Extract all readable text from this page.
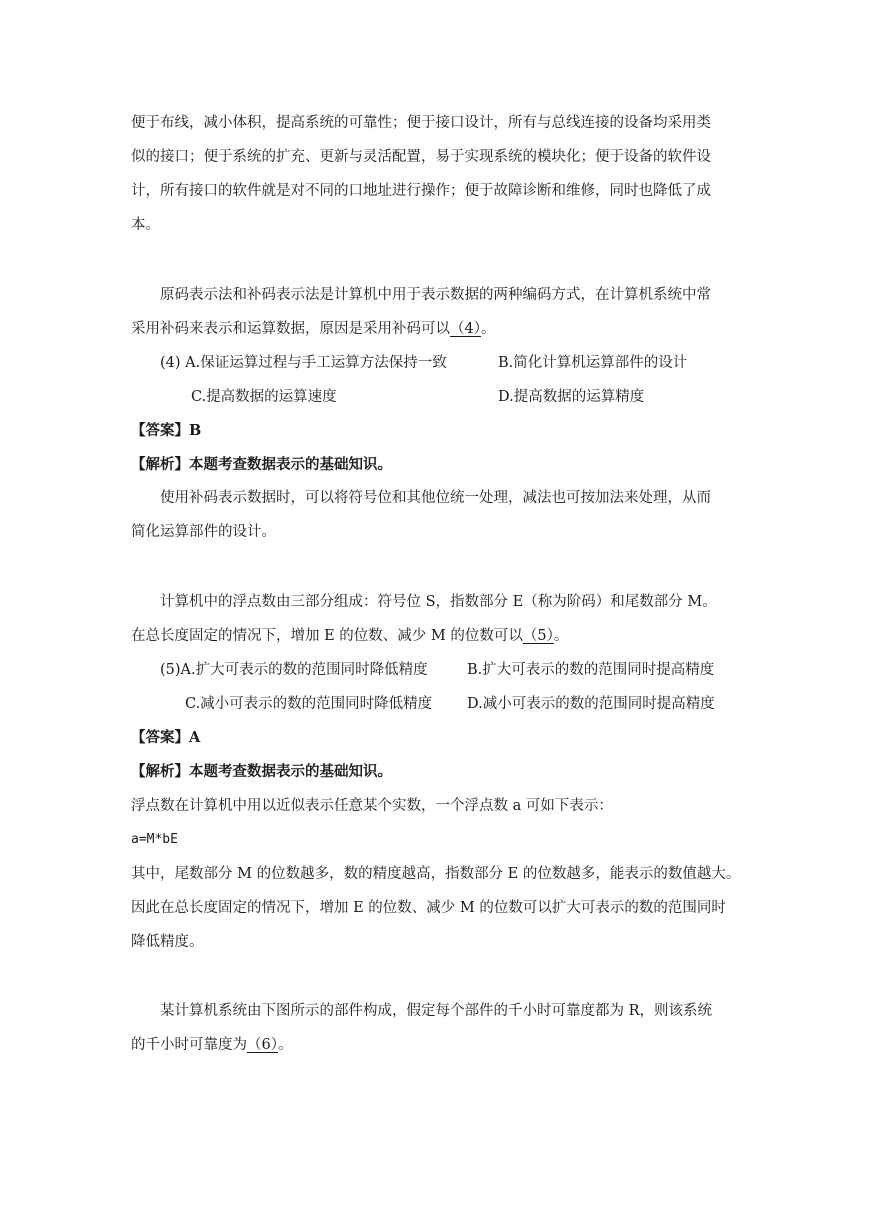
便于布线，减小体积，提高系统的可靠性；便于接口设计，所有与总线连接的设备均采用类
似的接口；便于系统的扩充、更新与灵活配置，易于实现系统的模块化；便于设备的软件设
计，所有接口的软件就是对不同的口地址进行操作；便于故障诊断和维修，同时也降低了成
本。
原码表示法和补码表示法是计算机中用于表示数据的两种编码方式，在计算机系统中常
采用补码来表示和运算数据，原因是采用补码可以（4）。
(4) A.保证运算过程与手工运算方法保持一致	B.简化计算机运算部件的设计
C.提高数据的运算速度	D.提高数据的运算精度
【答案】B
【解析】本题考查数据表示的基础知识。
使用补码表示数据时，可以将符号位和其他位统一处理，减法也可按加法来处理，从而
简化运算部件的设计。
计算机中的浮点数由三部分组成：符号位 S，指数部分 E（称为阶码）和尾数部分 M。
在总长度固定的情况下，增加 E 的位数、减少 M 的位数可以（5）。
(5)A.扩大可表示的数的范围同时降低精度	B.扩大可表示的数的范围同时提高精度
C.减小可表示的数的范围同时降低精度 D.减小可表示的数的范围同时提高精度
【答案】A
【解析】本题考查数据表示的基础知识。
浮点数在计算机中用以近似表示任意某个实数，一个浮点数 a 可如下表示：
a=M*bE
其中，尾数部分 M 的位数越多，数的精度越高，指数部分 E 的位数越多，能表示的数值越大。
因此在总长度固定的情况下，增加 E 的位数、减少 M 的位数可以扩大可表示的数的范围同时
降低精度。
某计算机系统由下图所示的部件构成，假定每个部件的千小时可靠度都为 R，则该系统
的千小时可靠度为（6）。
